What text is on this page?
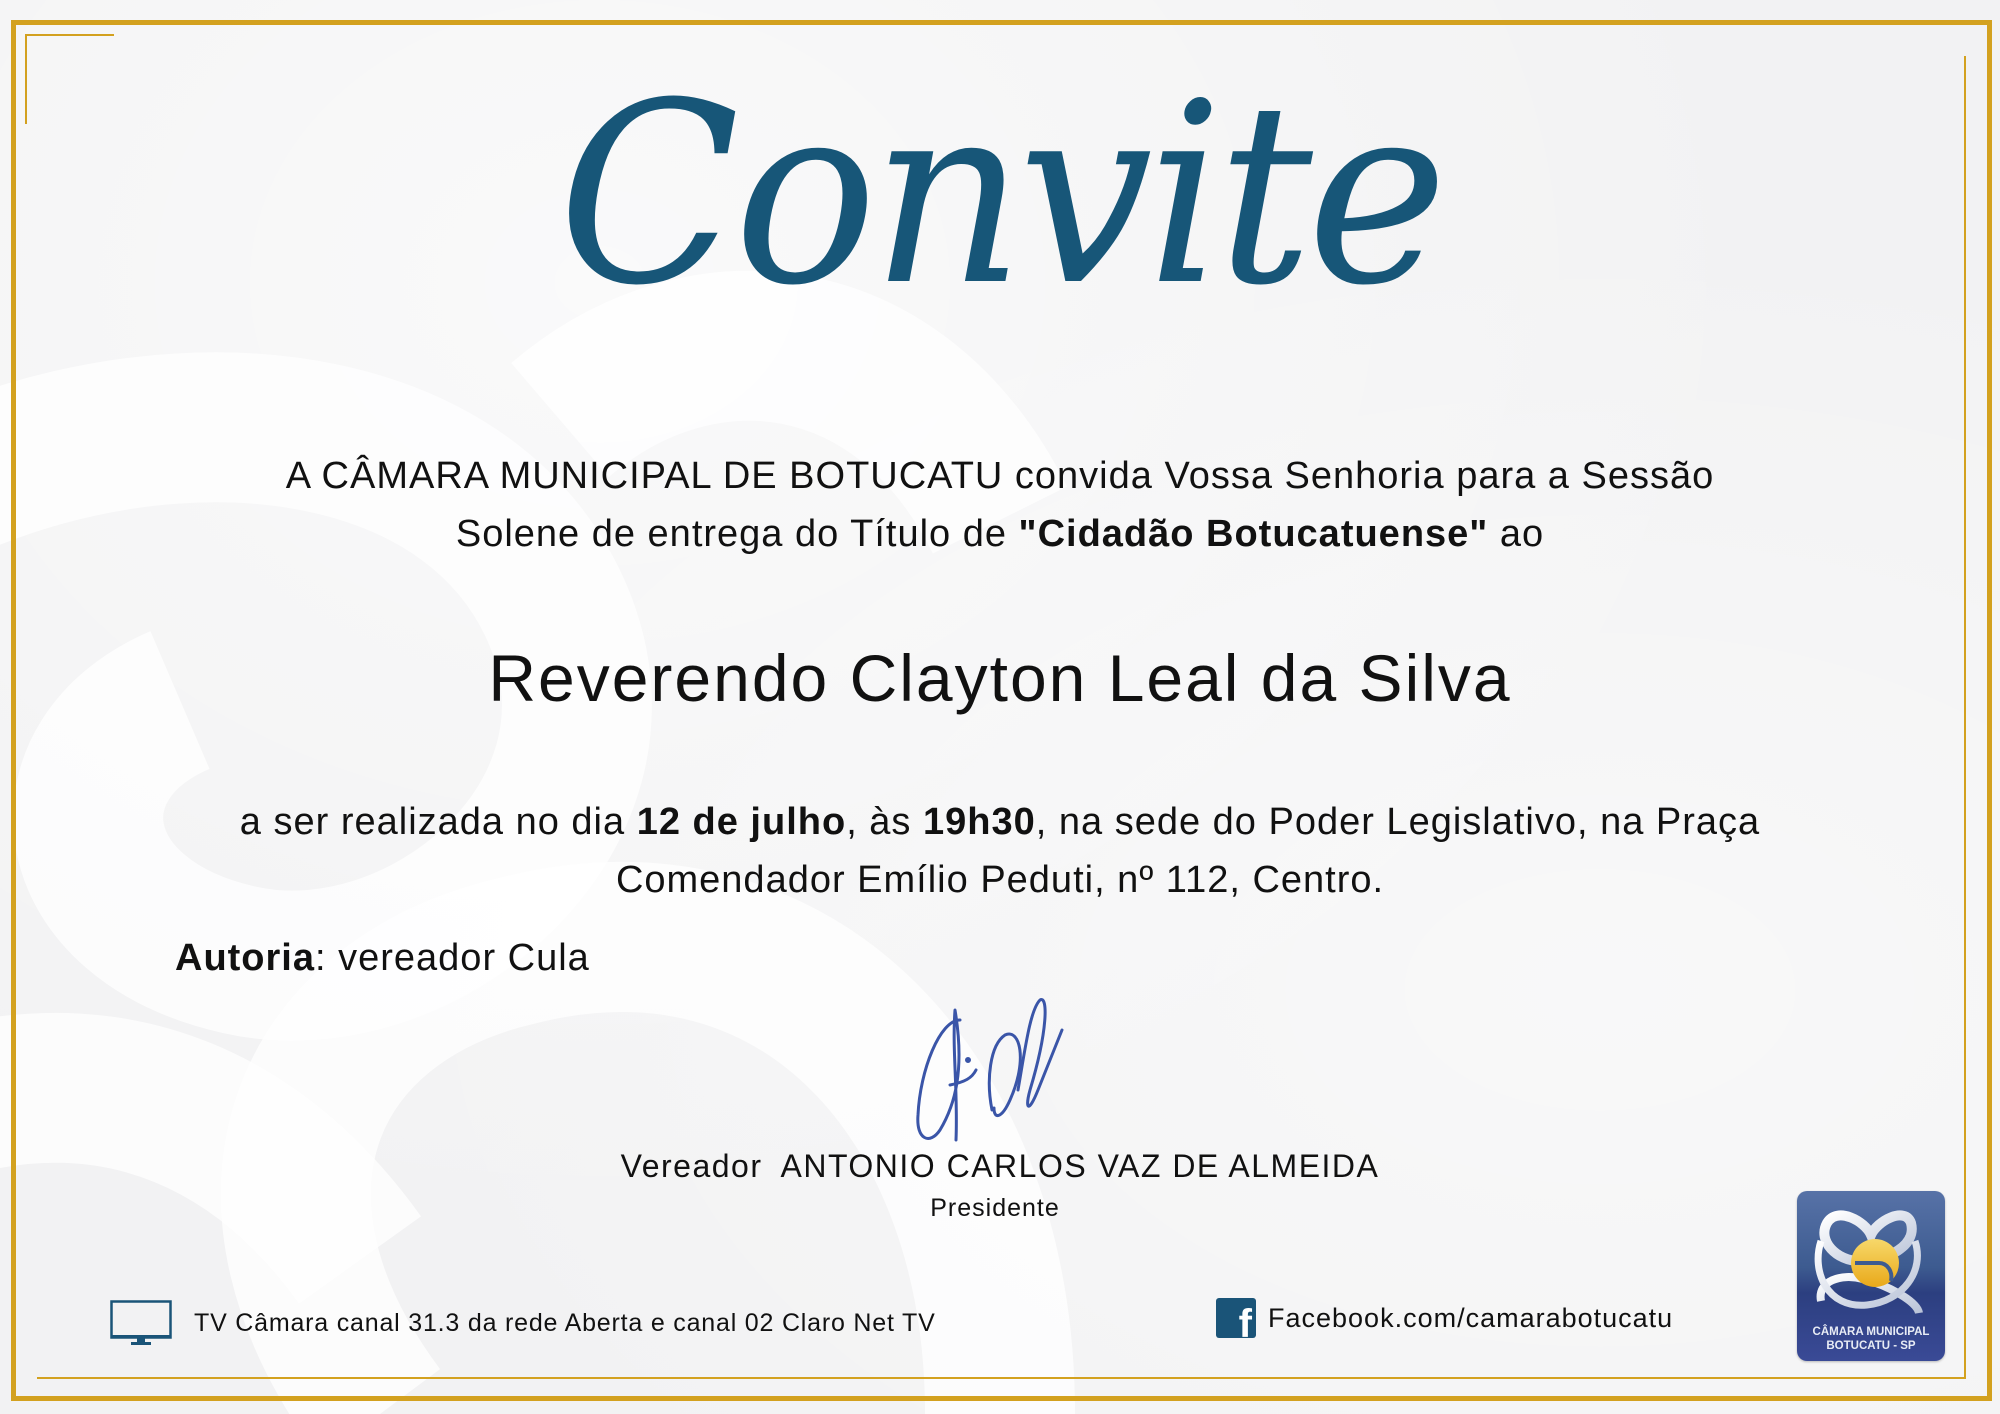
Convite
A CÂMARA MUNICIPAL DE BOTUCATU convida Vossa Senhoria para a Sessão
Solene de entrega do Título de "Cidadão Botucatuense" ao
Reverendo Clayton Leal da Silva
a ser realizada no dia 12 de julho, às 19h30, na sede do Poder Legislativo, na Praça
Comendador Emílio Peduti, nº 112, Centro.
Autoria: vereador Cula
Vereador ANTONIO CARLOS VAZ DE ALMEIDA
Presidente
TV Câmara canal 31.3 da rede Aberta e canal 02 Claro Net TV	f Facebook.com/camarabotucatu	CÂMARA MUNICIPAL
BOTUCATU - SP
